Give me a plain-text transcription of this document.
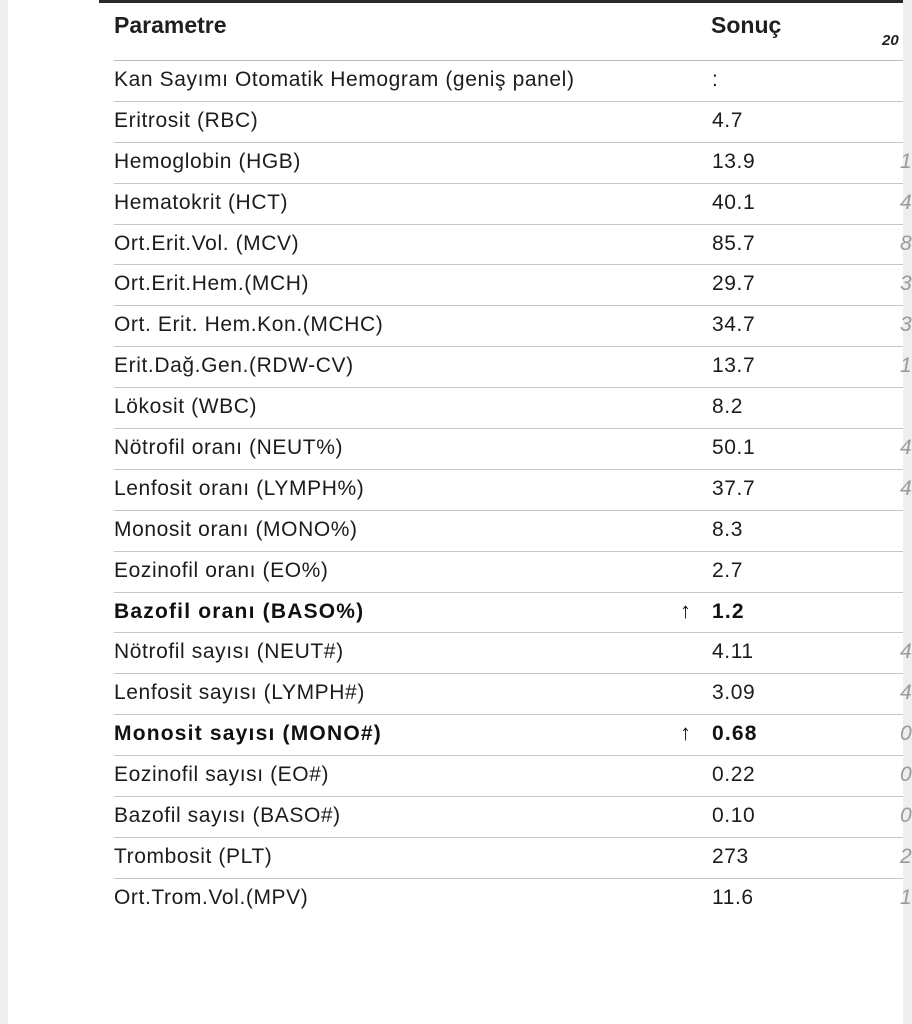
Parametre	Sonuç
20
Kan Sayımı Otomatik Hemogram (geniş panel)	:
Eritrosit (RBC)	4.7
Hemoglobin (HGB)	13.9	1
Hematokrit (HCT)	40.1	4
Ort.Erit.Vol. (MCV)	85.7	8
Ort.Erit.Hem.(MCH)	29.7	3
Ort. Erit. Hem.Kon.(MCHC)	34.7	3
Erit.Dağ.Gen.(RDW-CV)	13.7	1
Lökosit (WBC)	8.2
Nötrofil oranı (NEUT%)	50.1	4
Lenfosit oranı (LYMPH%)	37.7	4
Monosit oranı (MONO%)	8.3
Eozinofil oranı (EO%)	2.7
Bazofil oranı (BASO%)	↑ 1.2
Nötrofil sayısı (NEUT#)	4.11	4
Lenfosit sayısı (LYMPH#)	3.09	4
Monosit sayısı (MONO#)	↑ 0.68	0
Eozinofil sayısı (EO#)	0.22	0
Bazofil sayısı (BASO#)	0.10	0
Trombosit (PLT)	273	2
Ort.Trom.Vol.(MPV)	11.6	1
